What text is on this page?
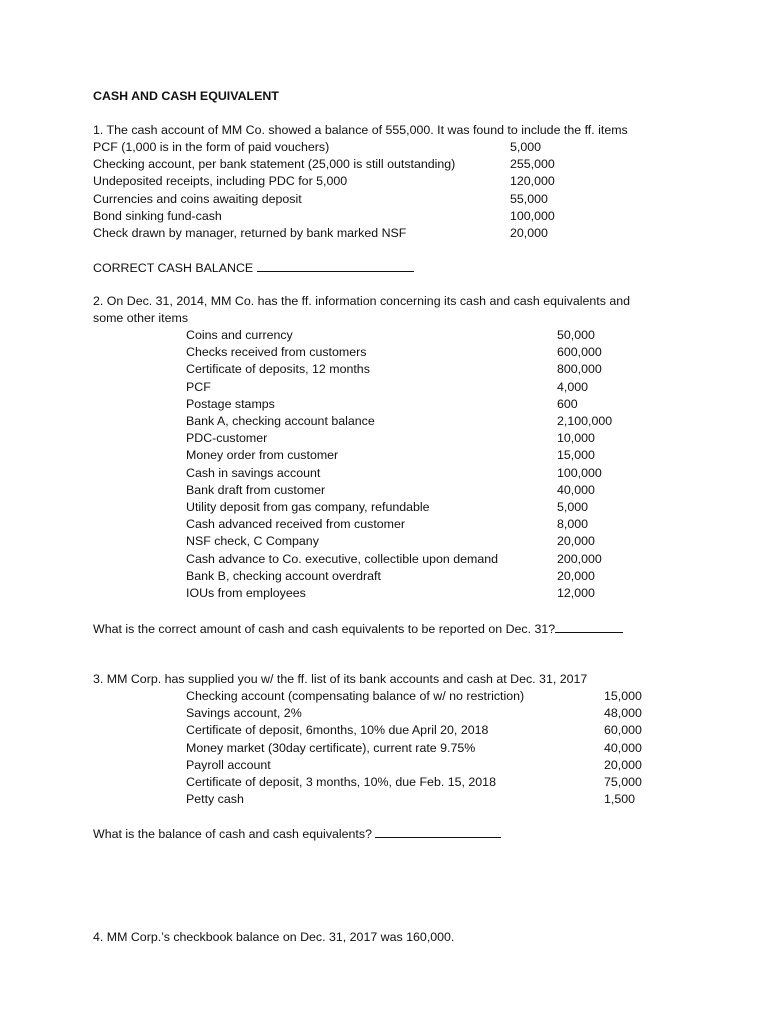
CASH AND CASH EQUIVALENT
1. The cash account of MM Co. showed a balance of 555,000. It was found to include the ff. items
PCF (1,000 is in the form of paid vouchers)	5,000
Checking account, per bank statement (25,000 is still outstanding)	255,000
Undeposited receipts, including PDC for 5,000	120,000
Currencies and coins awaiting deposit	55,000
Bond sinking fund-cash	100,000
Check drawn by manager, returned by bank marked NSF	20,000
CORRECT CASH BALANCE
2. On Dec. 31, 2014, MM Co. has the ff. information concerning its cash and cash equivalents and
some other items
Coins and currency	50,000
Checks received from customers	600,000
Certificate of deposits, 12 months	800,000
PCF	4,000
Postage stamps	600
Bank A, checking account balance	2,100,000
PDC-customer	10,000
Money order from customer	15,000
Cash in savings account	100,000
Bank draft from customer	40,000
Utility deposit from gas company, refundable	5,000
Cash advanced received from customer	8,000
NSF check, C Company	20,000
Cash advance to Co. executive, collectible upon demand	200,000
Bank B, checking account overdraft	20,000
IOUs from employees	12,000
What is the correct amount of cash and cash equivalents to be reported on Dec. 31?
3. MM Corp. has supplied you w/ the ff. list of its bank accounts and cash at Dec. 31, 2017
Checking account (compensating balance of w/ no restriction)	15,000
Savings account, 2%	48,000
Certificate of deposit, 6months, 10% due April 20, 2018	60,000
Money market (30day certificate), current rate 9.75%	40,000
Payroll account	20,000
Certificate of deposit, 3 months, 10%, due Feb. 15, 2018	75,000
Petty cash	1,500
What is the balance of cash and cash equivalents?
4. MM Corp.’s checkbook balance on Dec. 31, 2017 was 160,000.
